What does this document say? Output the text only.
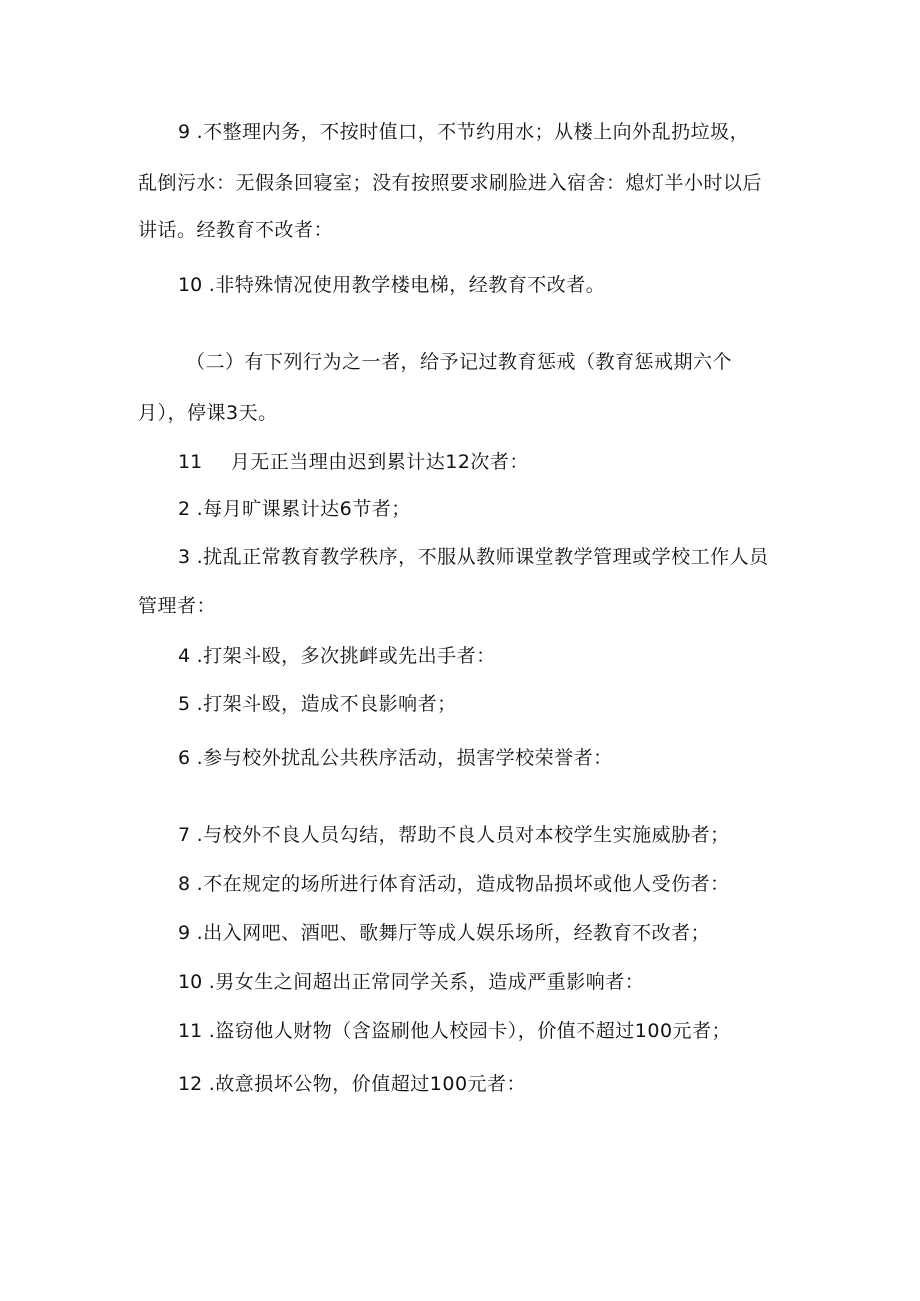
9 .不整理内务，不按时值口，不节约用水；从楼上向外乱扔垃圾，
乱倒污水：无假条回寝室；没有按照要求刷脸进入宿舍：熄灯半小时以后
讲话。经教育不改者：
10 .非特殊情况使用教学楼电梯，经教育不改者。
（二）有下列行为之一者，给予记过教育惩戒（教育惩戒期六个
月），停课3天。
11 月无正当理由迟到累计达12次者：
2 .每月旷课累计达6节者；
3 .扰乱正常教育教学秩序，不服从教师课堂教学管理或学校工作人员
管理者：
4 .打架斗殴，多次挑衅或先出手者：
5 .打架斗殴，造成不良影响者；
6 .参与校外扰乱公共秩序活动，损害学校荣誉者：
7 .与校外不良人员勾结，帮助不良人员对本校学生实施威胁者；
8 .不在规定的场所进行体育活动，造成物品损坏或他人受伤者：
9 .出入网吧、酒吧、歌舞厅等成人娱乐场所，经教育不改者；
10 .男女生之间超出正常同学关系，造成严重影响者：
11 .盗窃他人财物（含盗刷他人校园卡），价值不超过100元者；
12 .故意损坏公物，价值超过100元者：
